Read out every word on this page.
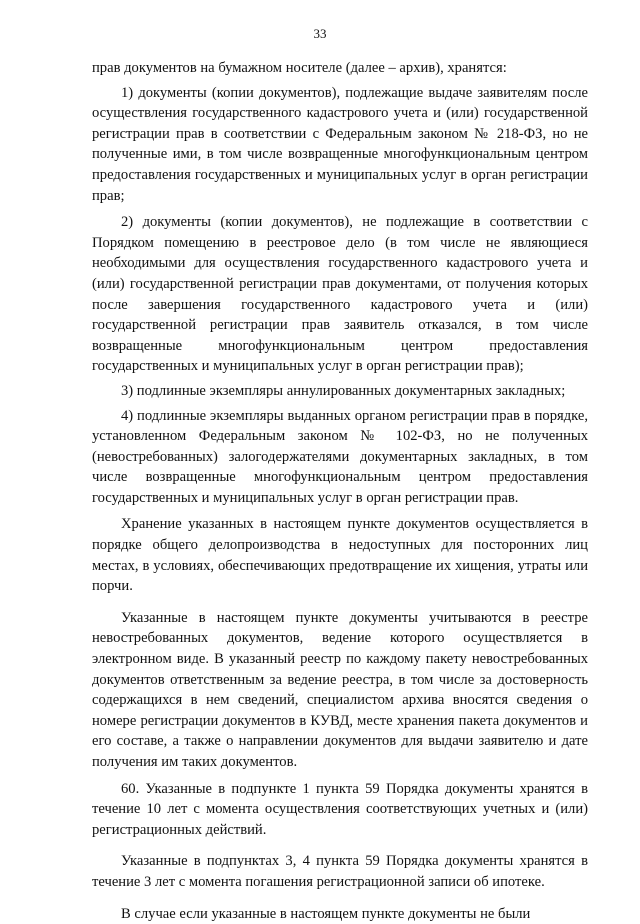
33

прав документов на бумажном носителе (далее – архив), хранятся:

1) документы (копии документов), подлежащие выдаче заявителям после осуществления государственного кадастрового учета и (или) государственной регистрации прав в соответствии с Федеральным законом № 218-ФЗ, но не полученные ими, в том числе возвращенные многофункциональным центром предоставления государственных и муниципальных услуг в орган регистрации прав;

2) документы (копии документов), не подлежащие в соответствии с Порядком помещению в реестровое дело (в том числе не являющиеся необходимыми для осуществления государственного кадастрового учета и (или) государственной регистрации прав документами, от получения которых после завершения государственного кадастрового учета и (или) государственной регистрации прав заявитель отказался, в том числе возвращенные многофункциональным центром предоставления государственных и муниципальных услуг в орган регистрации прав);

3) подлинные экземпляры аннулированных документарных закладных;

4) подлинные экземпляры выданных органом регистрации прав в порядке, установленном Федеральным законом № 102-ФЗ, но не полученных (невостребованных) залогодержателями документарных закладных, в том числе возвращенные многофункциональным центром предоставления государственных и муниципальных услуг в орган регистрации прав.

Хранение указанных в настоящем пункте документов осуществляется в порядке общего делопроизводства в недоступных для посторонних лиц местах, в условиях, обеспечивающих предотвращение их хищения, утраты или порчи.

Указанные в настоящем пункте документы учитываются в реестре невостребованных документов, ведение которого осуществляется в электронном виде. В указанный реестр по каждому пакету невостребованных документов ответственным за ведение реестра, в том числе за достоверность содержащихся в нем сведений, специалистом архива вносятся сведения о номере регистрации документов в КУВД, месте хранения пакета документов и его составе, а также о направлении документов для выдачи заявителю и дате получения им таких документов.

60. Указанные в подпункте 1 пункта 59 Порядка документы хранятся в течение 10 лет с момента осуществления соответствующих учетных и (или) регистрационных действий.

Указанные в подпунктах 3, 4 пункта 59 Порядка документы хранятся в течение 3 лет с момента погашения регистрационной записи об ипотеке.

В случае если указанные в настоящем пункте документы не были
